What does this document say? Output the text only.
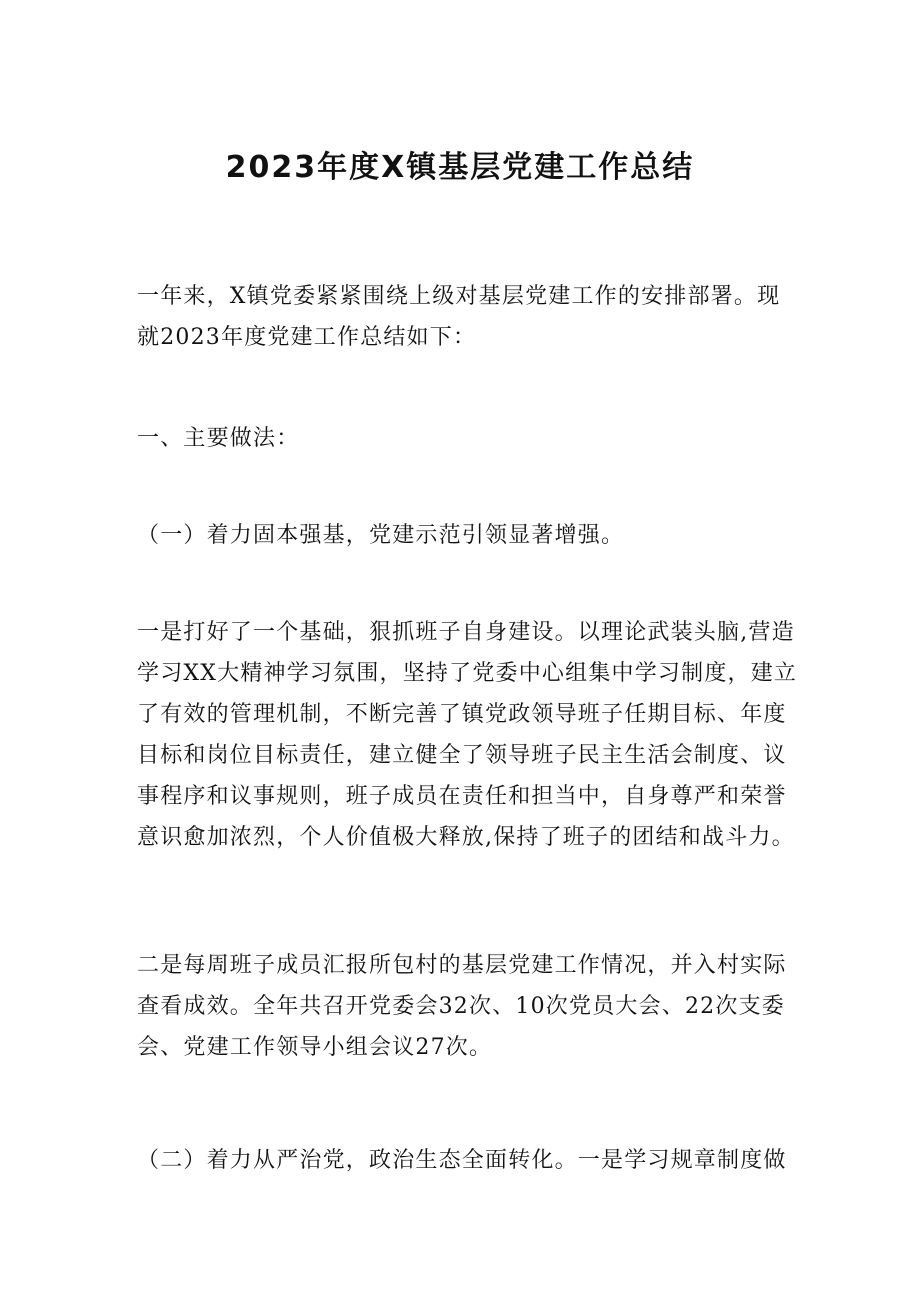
2023年度X镇基层党建工作总结
一年来，X镇党委紧紧围绕上级对基层党建工作的安排部署。现
就2023年度党建工作总结如下：
一、主要做法：
（一）着力固本强基，党建示范引领显著增强。
一是打好了一个基础，狠抓班子自身建设。以理论武装头脑,营造
学习XX大精神学习氛围，坚持了党委中心组集中学习制度，建立
了有效的管理机制，不断完善了镇党政领导班子任期目标、年度
目标和岗位目标责任，建立健全了领导班子民主生活会制度、议
事程序和议事规则，班子成员在责任和担当中，自身尊严和荣誉
意识愈加浓烈，个人价值极大释放,保持了班子的团结和战斗力。
二是每周班子成员汇报所包村的基层党建工作情况，并入村实际
查看成效。全年共召开党委会32次、10次党员大会、22次支委
会、党建工作领导小组会议27次。
（二）着力从严治党，政治生态全面转化。一是学习规章制度做
